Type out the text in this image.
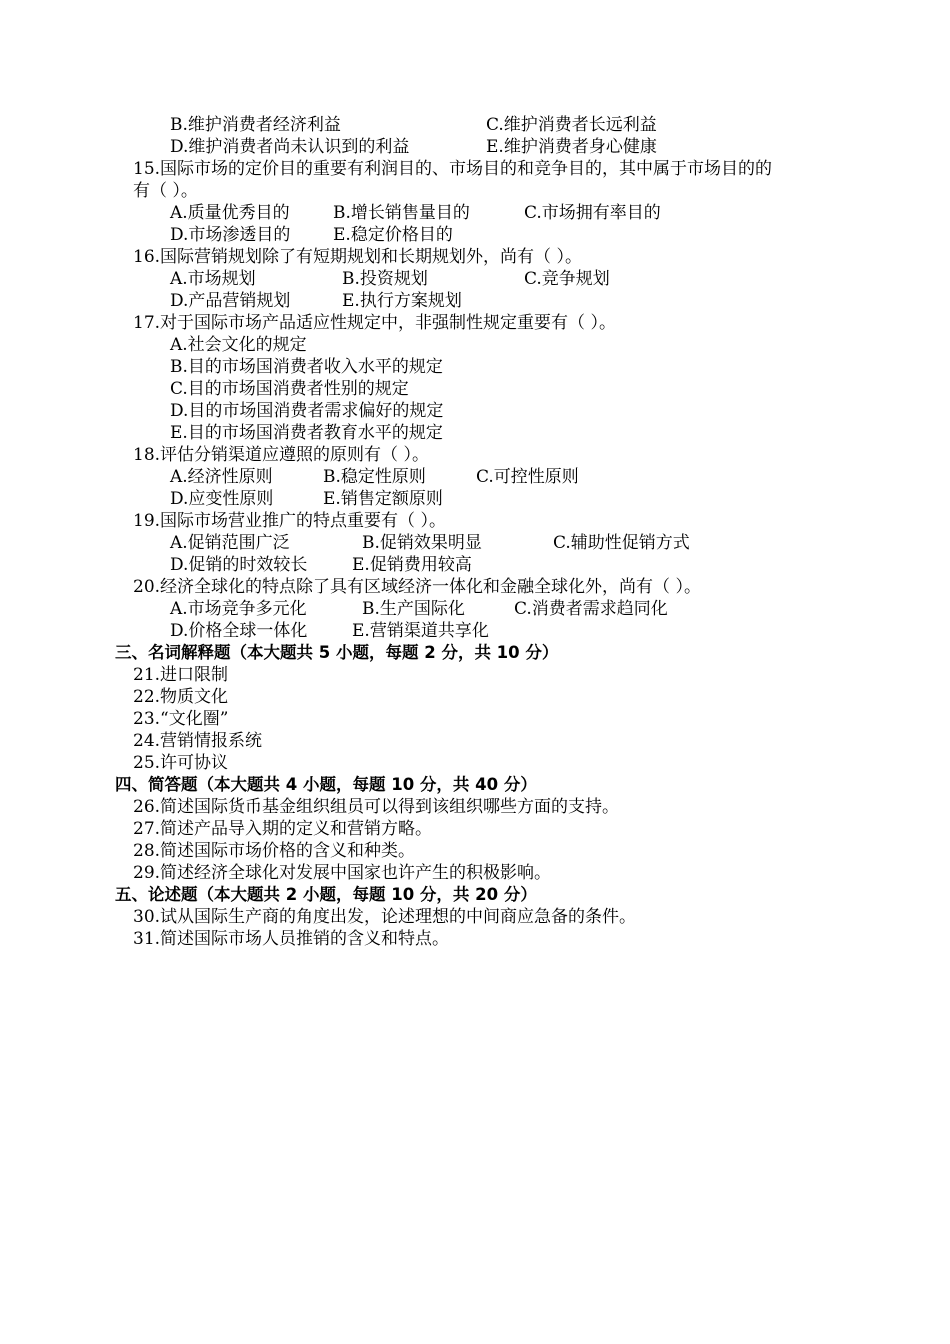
B.维护消费者经济利益	C.维护消费者长远利益
D.维护消费者尚未认识到的利益	E.维护消费者身心健康
15.国际市场的定价目的重要有利润目的、市场目的和竞争目的，其中属于市场目的的
有（ ）。
A.质量优秀目的	B.增长销售量目的	C.市场拥有率目的
D.市场渗透目的	E.稳定价格目的
16.国际营销规划除了有短期规划和长期规划外，尚有（ ）。
A.市场规划	B.投资规划	C.竞争规划
D.产品营销规划	E.执行方案规划
17.对于国际市场产品适应性规定中，非强制性规定重要有（ ）。
A.社会文化的规定
B.目的市场国消费者收入水平的规定
C.目的市场国消费者性别的规定
D.目的市场国消费者需求偏好的规定
E.目的市场国消费者教育水平的规定
18.评估分销渠道应遵照的原则有（ ）。
A.经济性原则	B.稳定性原则	C.可控性原则
D.应变性原则	E.销售定额原则
19.国际市场营业推广的特点重要有（ ）。
A.促销范围广泛	B.促销效果明显	C.辅助性促销方式
D.促销的时效较长	E.促销费用较高
20.经济全球化的特点除了具有区域经济一体化和金融全球化外，尚有（ ）。
A.市场竞争多元化	B.生产国际化	C.消费者需求趋同化
D.价格全球一体化	E.营销渠道共享化
三、名词解释题（本大题共 5 小题，每题 2 分，共 10 分）
21.进口限制
22.物质文化
23.“文化圈”
24.营销情报系统
25.许可协议
四、简答题（本大题共 4 小题，每题 10 分，共 40 分）
26.简述国际货币基金组织组员可以得到该组织哪些方面的支持。
27.简述产品导入期的定义和营销方略。
28.简述国际市场价格的含义和种类。
29.简述经济全球化对发展中国家也许产生的积极影响。
五、论述题（本大题共 2 小题，每题 10 分，共 20 分）
30.试从国际生产商的角度出发，论述理想的中间商应急备的条件。
31.简述国际市场人员推销的含义和特点。
